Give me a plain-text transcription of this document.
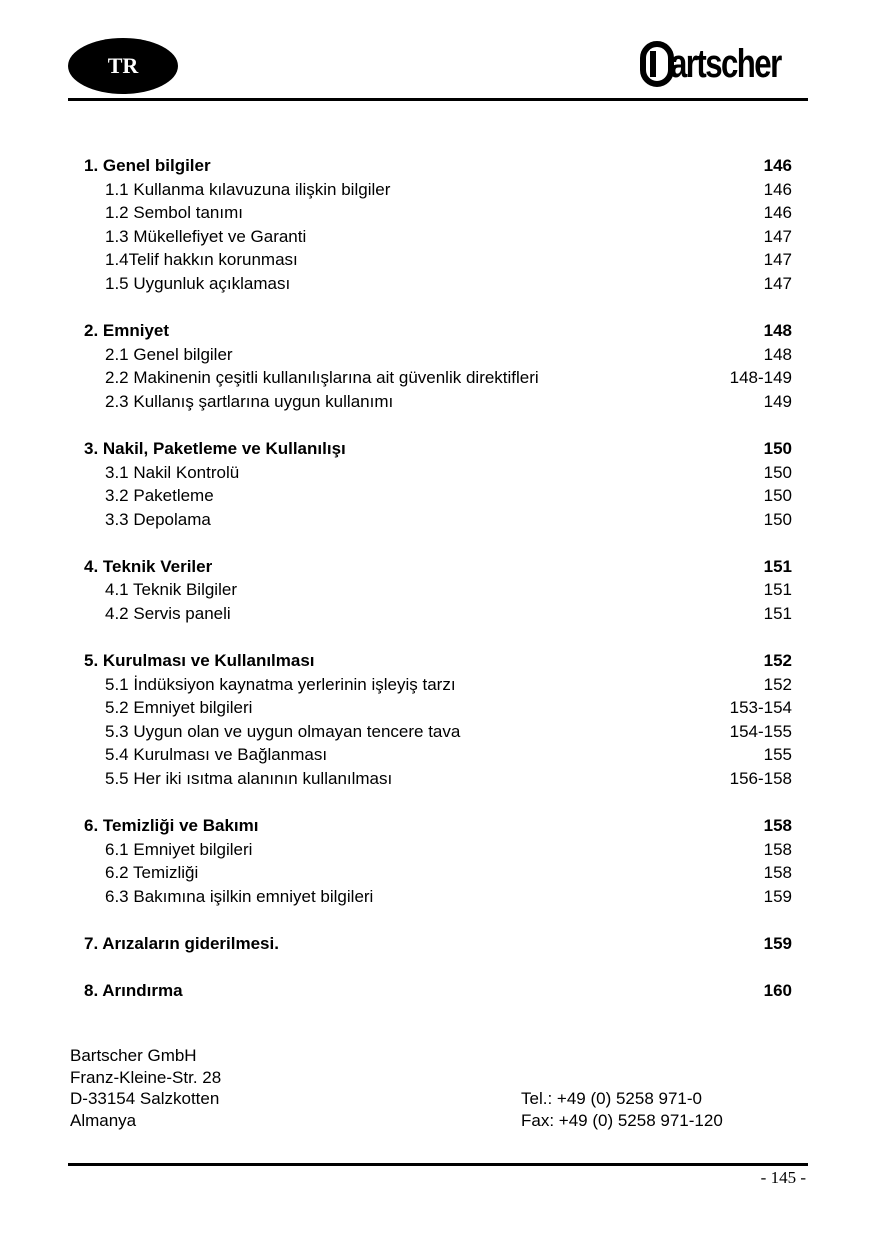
TR	artscher
1. Genel bilgiler	146
1.1 Kullanma kılavuzuna ilişkin bilgiler	146
1.2 Sembol tanımı	146
1.3 Mükellefiyet ve Garanti	147
1.4Telif hakkın korunması	147
1.5 Uygunluk açıklaması	147
2. Emniyet	148
2.1 Genel bilgiler	148
2.2 Makinenin çeşitli kullanılışlarına ait güvenlik direktifleri	148-149
2.3 Kullanış şartlarına uygun kullanımı	149
3. Nakil, Paketleme ve Kullanılışı	150
3.1 Nakil Kontrolü	150
3.2 Paketleme	150
3.3 Depolama	150
4. Teknik Veriler	151
4.1 Teknik Bilgiler	151
4.2 Servis paneli	151
5. Kurulması ve Kullanılması	152
5.1 İndüksiyon kaynatma yerlerinin işleyiş tarzı	152
5.2 Emniyet bilgileri	153-154
5.3 Uygun olan ve uygun olmayan tencere tava	154-155
5.4 Kurulması ve Bağlanması	155
5.5 Her iki ısıtma alanının kullanılması	156-158
6. Temizliği ve Bakımı	158
6.1 Emniyet bilgileri	158
6.2 Temizliği	158
6.3 Bakımına işilkin emniyet bilgileri	159
7. Arızaların giderilmesi.	159
8. Arındırma	160
Bartscher GmbH
Franz-Kleine-Str. 28
D-33154 Salzkotten
Almanya
Tel.: +49 (0) 5258 971-0
Fax: +49 (0) 5258 971-120
- 145 -
